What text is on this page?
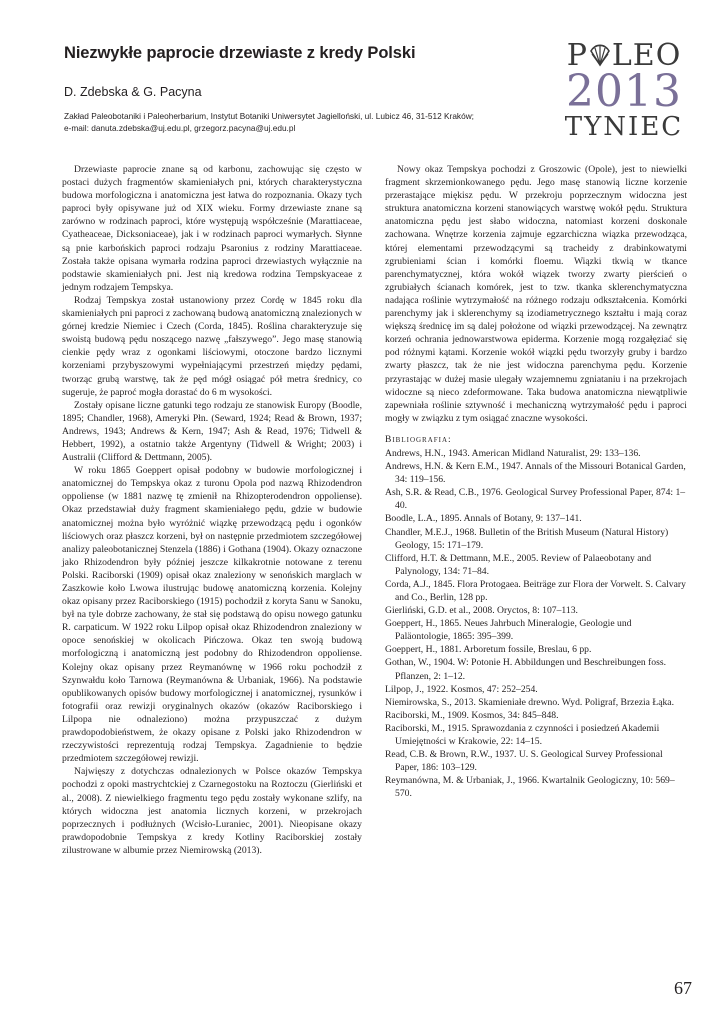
Niezwykłe paprocie drzewiaste z kredy Polski
D. Zdebska & G. Pacyna
Zakład Paleobotaniki i Paleoherbarium, Instytut Botaniki Uniwersytet Jagielloński, ul. Lubicz 46, 31-512 Kraków;
e-mail: danuta.zdebska@uj.edu.pl, grzegorz.pacyna@uj.edu.pl
P LEO
2013
TYNIEC

Drzewiaste paprocie znane są od karbonu, zachowując się często w postaci dużych fragmentów skamieniałych pni, których charakterystyczna budowa morfologiczna i anatomiczna jest łatwa do rozpoznania. Okazy tych paproci były opisywane już od XIX wieku. Formy drzewiaste znane są zarówno w rodzinach paproci, które występują współcześnie (Marattiaceae, Cyatheaceae, Dicksoniaceae), jak i w rodzinach paproci wymarłych. Słynne są pnie karbońskich paproci rodzaju Psaronius z rodziny Marattiaceae. Została także opisana wymarła rodzina paproci drzewiastych wyłącznie na podstawie skamieniałych pni. Jest nią kredowa rodzina Tempskyaceae z jednym rodzajem Tempskya.

Rodzaj Tempskya został ustanowiony przez Cordę w 1845 roku dla skamieniałych pni paproci z zachowaną budową anatomiczną znalezionych w górnej kredzie Niemiec i Czech (Corda, 1845). Roślina charakteryzuje się swoistą budową pędu noszącego nazwę „fałszywego”. Jego masę stanowią cienkie pędy wraz z ogonkami liściowymi, otoczone bardzo licznymi korzeniami przybyszowymi wypełniającymi przestrzeń między pędami, tworząc grubą warstwę, tak że pęd mógł osiągać pół metra średnicy, co sugeruje, że paproć mogła dorastać do 6 m wysokości.

Zostały opisane liczne gatunki tego rodzaju ze stanowisk Europy (Boodle, 1895; Chandler, 1968), Ameryki Płn. (Seward, 1924; Read & Brown, 1937; Andrews, 1943; Andrews & Kern, 1947; Ash & Read, 1976; Tidwell & Hebbert, 1992), a ostatnio także Argentyny (Tidwell & Wright; 2003) i Australii (Clifford & Dettmann, 2005).

W roku 1865 Goeppert opisał podobny w budowie morfologicznej i anatomicznej do Tempskya okaz z turonu Opola pod nazwą Rhizodendron oppoliense (w 1881 nazwę tę zmienił na Rhizopterodendron oppoliense). Okaz przedstawiał duży fragment skamieniałego pędu, gdzie w budowie anatomicznej można było wyróżnić wiązkę przewodzącą pędu i ogonków liściowych oraz płaszcz korzeni, był on następnie przedmiotem szczegółowej analizy paleobotanicznej Stenzela (1886) i Gothana (1904). Okazy oznaczone jako Rhizodendron były później jeszcze kilkakrotnie notowane z terenu Polski. Raciborski (1909) opisał okaz znaleziony w senońskich marglach w Zaszkowie koło Lwowa ilustrując budowę anatomiczną korzenia. Kolejny okaz opisany przez Raciborskiego (1915) pochodził z koryta Sanu w Sanoku, był na tyle dobrze zachowany, że stał się podstawą do opisu nowego gatunku R. carpaticum. W 1922 roku Lilpop opisał okaz Rhizodendron znaleziony w opoce senońskiej w okolicach Pińczowa. Okaz ten swoją budową morfologiczną i anatomiczną jest podobny do Rhizodendron oppoliense. Kolejny okaz opisany przez Reymanównę w 1966 roku pochodził z Szynwałdu koło Tarnowa (Reymanówna & Urbaniak, 1966). Na podstawie opublikowanych opisów budowy morfologicznej i anatomicznej, rysunków i fotografii oraz rewizji oryginalnych okazów (okazów Raciborskiego i Lilpopa nie odnaleziono) można przypuszczać z dużym prawdopodobieństwem, że okazy opisane z Polski jako Rhizodendron w rzeczywistości reprezentują rodzaj Tempskya. Zagadnienie to będzie przedmiotem szczegółowej rewizji.

Najwięszy z dotychczas odnalezionych w Polsce okazów Tempskya pochodzi z opoki mastrychtckiej z Czarnegostoku na Roztoczu (Gierliński et al., 2008). Z niewielkiego fragmentu tego pędu zostały wykonane szlify, na których widoczna jest anatomia licznych korzeni, w przekrojach poprzecznych i podłużnych (Wcisło-Luraniec, 2001). Nieopisane okazy prawdopodobnie Tempskya z kredy Kotliny Raciborskiej zostały zilustrowane w albumie przez Niemirowską (2013).

Nowy okaz Tempskya pochodzi z Groszowic (Opole), jest to niewielki fragment skrzemionkowanego pędu. Jego masę stanowią liczne korzenie przerastające miękisz pędu. W przekroju poprzecznym widoczna jest struktura anatomiczna korzeni stanowiących warstwę wokół pędu. Struktura anatomiczna pędu jest słabo widoczna, natomiast korzeni doskonale zachowana. Wnętrze korzenia zajmuje egzarchiczna wiązka przewodząca, której elementami przewodzącymi są tracheidy z drabinkowatymi zgrubieniami ścian i komórki floemu. Wiązki tkwią w tkance parenchymatycznej, która wokół wiązek tworzy zwarty pierścień o zgrubiałych ścianach komórek, jest to tzw. tkanka sklerenchymatyczna nadająca roślinie wytrzymałość na różnego rodzaju odkształcenia. Komórki parenchymy jak i sklerenchymy są izodiametrycznego kształtu i mają coraz większą średnicę im są dalej położone od wiązki przewodzącej. Na zewnątrz korzeń ochrania jednowarstwowa epiderma. Korzenie mogą rozgałęziać się pod różnymi kątami. Korzenie wokół wiązki pędu tworzyły gruby i bardzo zwarty płaszcz, tak że nie jest widoczna parenchyma pędu. Korzenie przyrastając w dużej masie ulegały wzajemnemu zgniataniu i na przekrojach widoczne są nieco zdeformowane. Taka budowa anatomiczna niewątpliwie zapewniała roślinie sztywność i mechaniczną wytrzymałość pędu i paproci mogły w związku z tym osiągać znaczne wysokości.

Bibliografia:
Andrews, H.N., 1943. American Midland Naturalist, 29: 133–136.
Andrews, H.N. & Kern E.M., 1947. Annals of the Missouri Botanical Garden, 34: 119–156.
Ash, S.R. & Read, C.B., 1976. Geological Survey Professional Paper, 874: 1–40.
Boodle, L.A., 1895. Annals of Botany, 9: 137–141.
Chandler, M.E.J., 1968. Bulletin of the British Museum (Natural History) Geology, 15: 171–179.
Clifford, H.T. & Dettmann, M.E., 2005. Review of Palaeobotany and Palynology, 134: 71–84.
Corda, A.J., 1845. Flora Protogaea. Beiträge zur Flora der Vorwelt. S. Calvary and Co., Berlin, 128 pp.
Gierliński, G.D. et al., 2008. Oryctos, 8: 107–113.
Goeppert, H., 1865. Neues Jahrbuch Mineralogie, Geologie und Paläontologie, 1865: 395–399.
Goeppert, H., 1881. Arboretum fossile, Breslau, 6 pp.
Gothan, W., 1904. W: Potonie H. Abbildungen und Beschreibungen foss. Pflanzen, 2: 1–12.
Lilpop, J., 1922. Kosmos, 47: 252–254.
Niemirowska, S., 2013. Skamieniałe drewno. Wyd. Poligraf, Brzezia Łąka.
Raciborski, M., 1909. Kosmos, 34: 845–848.
Raciborski, M., 1915. Sprawozdania z czynności i posiedzeń Akademii Umiejętności w Krakowie, 22: 14–15.
Read, C.B. & Brown, R.W., 1937. U. S. Geological Survey Professional Paper, 186: 103–129.
Reymanówna, M. & Urbaniak, J., 1966. Kwartalnik Geologiczny, 10: 569–570.
67
